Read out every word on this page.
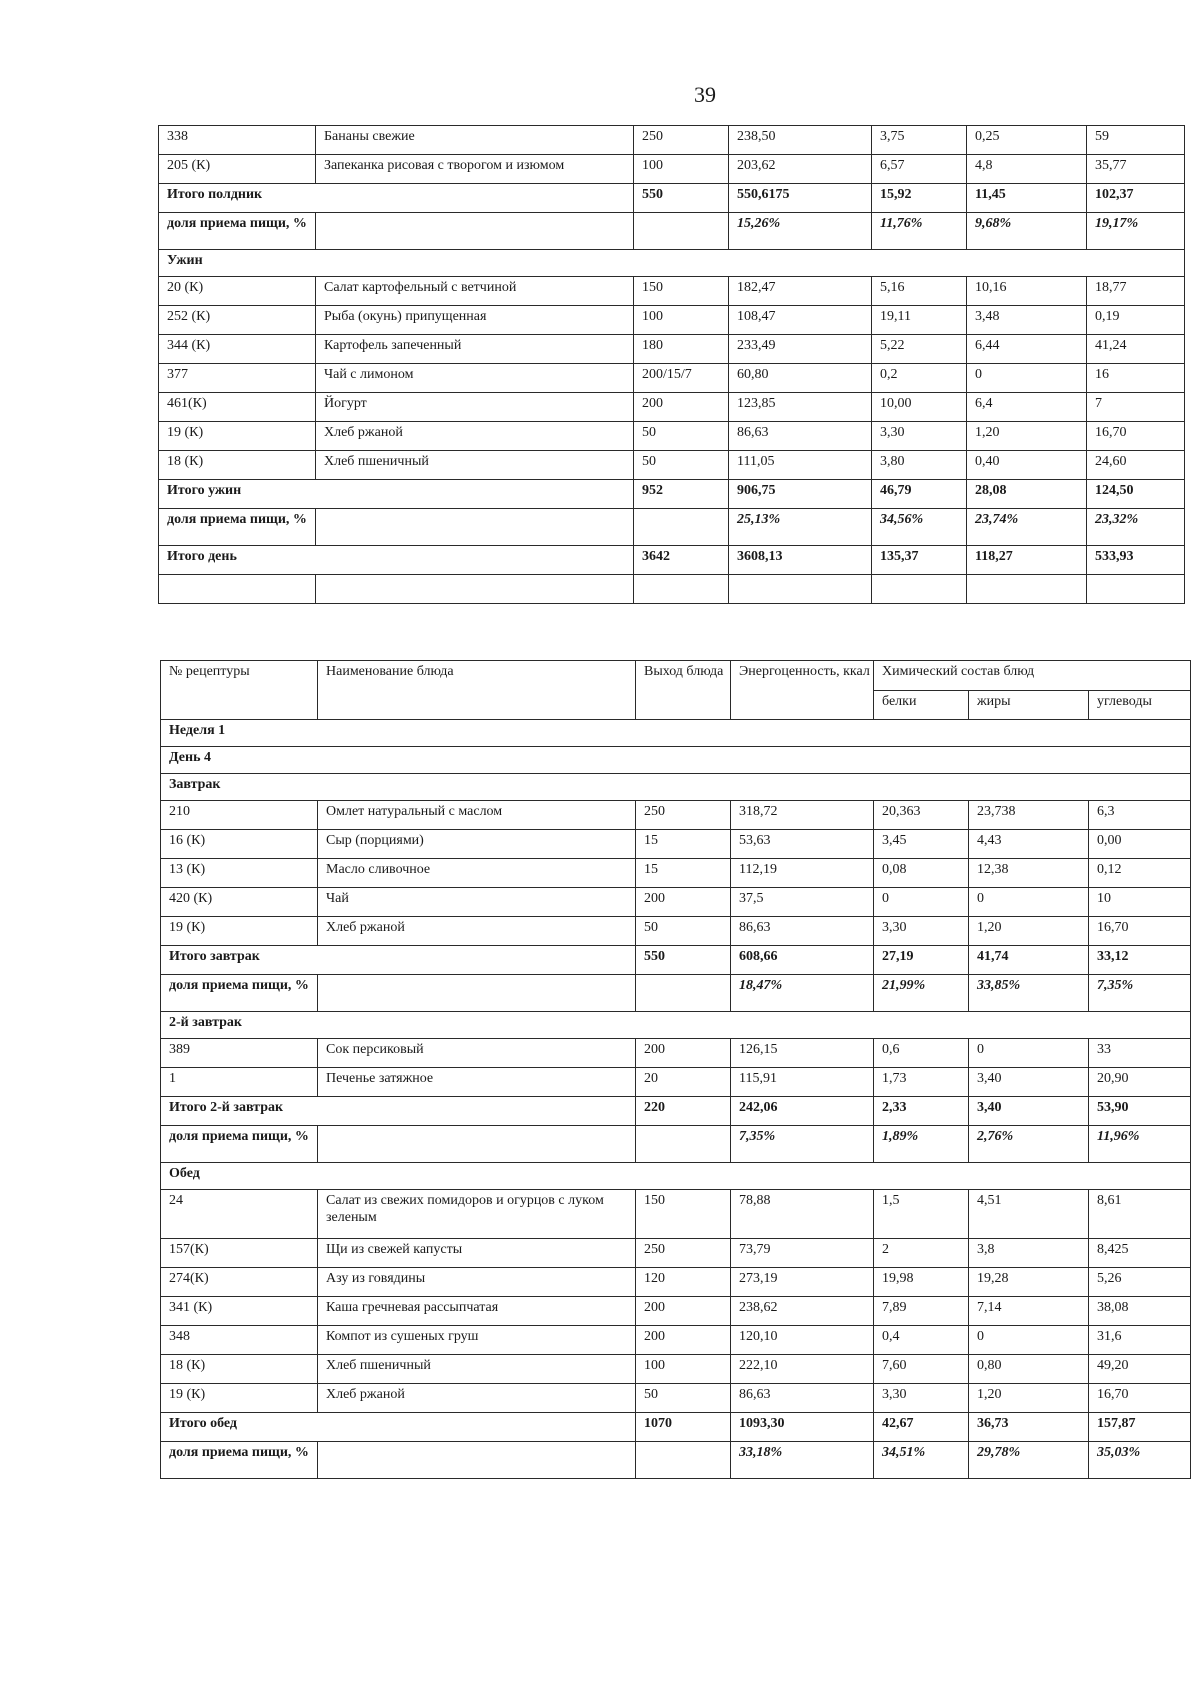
39
338	Бананы свежие	250	238,50	3,75	0,25	59
205 (К)	Запеканка рисовая с творогом и изюмом	100	203,62	6,57	4,8	35,77
Итого полдник		550	550,6175	15,92	11,45	102,37
доля приема пищи, %			15,26%	11,76%	9,68%	19,17%
Ужин						
20 (К)	Салат картофельный с ветчиной	150	182,47	5,16	10,16	18,77
252 (К)	Рыба (окунь) припущенная	100	108,47	19,11	3,48	0,19
344 (К)	Картофель запеченный	180	233,49	5,22	6,44	41,24
377	Чай с лимоном	200/15/7	60,80	0,2	0	16
461(К)	Йогурт	200	123,85	10,00	6,4	7
19 (К)	Хлеб ржаной	50	86,63	3,30	1,20	16,70
18 (К)	Хлеб пшеничный	50	111,05	3,80	0,40	24,60
Итого ужин		952	906,75	46,79	28,08	124,50
доля приема пищи, %			25,13%	34,56%	23,74%	23,32%
Итого день		3642	3608,13	135,37	118,27	533,93

№ рецептуры	Наименование блюда	Выход блюда	Энергоценность, ккал	Химический состав блюд		
				белки	жиры	углеводы
Неделя 1						
День 4						
Завтрак						
210	Омлет натуральный с маслом	250	318,72	20,363	23,738	6,3
16 (К)	Сыр (порциями)	15	53,63	3,45	4,43	0,00
13 (К)	Масло сливочное	15	112,19	0,08	12,38	0,12
420 (К)	Чай	200	37,5	0	0	10
19 (К)	Хлеб ржаной	50	86,63	3,30	1,20	16,70
Итого завтрак		550	608,66	27,19	41,74	33,12
доля приема пищи, %			18,47%	21,99%	33,85%	7,35%
2-й завтрак						
389	Сок персиковый	200	126,15	0,6	0	33
1	Печенье затяжное	20	115,91	1,73	3,40	20,90
Итого 2-й завтрак		220	242,06	2,33	3,40	53,90
доля приема пищи, %			7,35%	1,89%	2,76%	11,96%
Обед						
24	Салат из свежих помидоров и огурцов с луком зеленым	150	78,88	1,5	4,51	8,61
157(К)	Щи из свежей капусты	250	73,79	2	3,8	8,425
274(К)	Азу из говядины	120	273,19	19,98	19,28	5,26
341 (К)	Каша гречневая рассыпчатая	200	238,62	7,89	7,14	38,08
348	Компот из сушеных груш	200	120,10	0,4	0	31,6
18 (К)	Хлеб пшеничный	100	222,10	7,60	0,80	49,20
19 (К)	Хлеб ржаной	50	86,63	3,30	1,20	16,70
Итого обед		1070	1093,30	42,67	36,73	157,87
доля приема пищи, %			33,18%	34,51%	29,78%	35,03%
